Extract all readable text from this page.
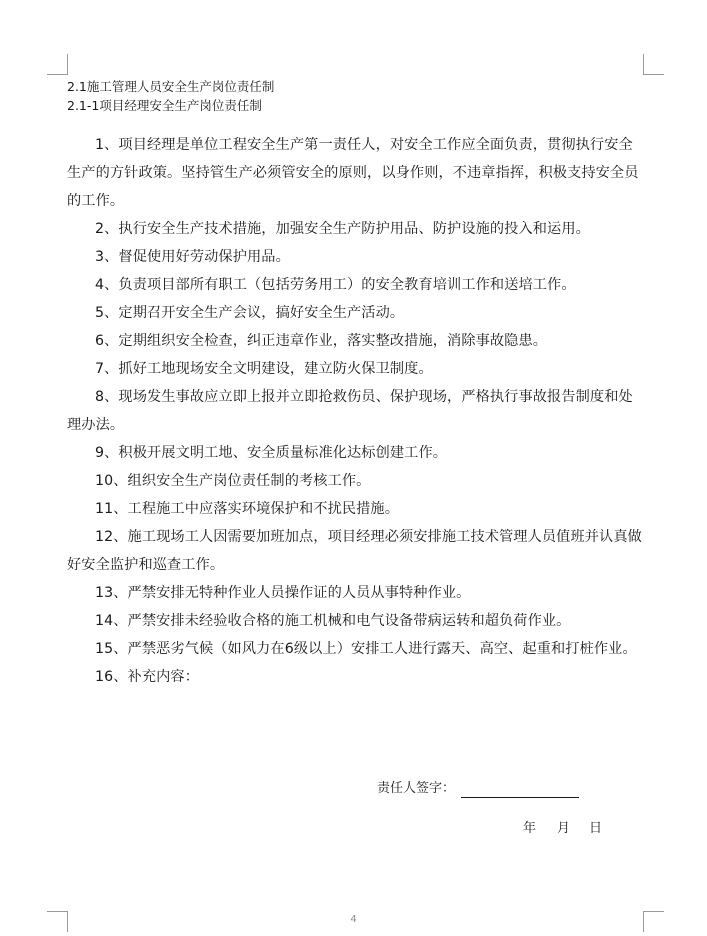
2.1施工管理人员安全生产岗位责任制
2.1-1项目经理安全生产岗位责任制
1、项目经理是单位工程安全生产第一责任人，对安全工作应全面负责，贯彻执行安全生产的方针政策。坚持管生产必须管安全的原则，以身作则，不违章指挥，积极支持安全员的工作。
2、执行安全生产技术措施，加强安全生产防护用品、防护设施的投入和运用。
3、督促使用好劳动保护用品。
4、负责项目部所有职工（包括劳务用工）的安全教育培训工作和送培工作。
5、定期召开安全生产会议，搞好安全生产活动。
6、定期组织安全检查，纠正违章作业，落实整改措施，消除事故隐患。
7、抓好工地现场安全文明建设，建立防火保卫制度。
8、现场发生事故应立即上报并立即抢救伤员、保护现场，严格执行事故报告制度和处理办法。
9、积极开展文明工地、安全质量标准化达标创建工作。
10、组织安全生产岗位责任制的考核工作。
11、工程施工中应落实环境保护和不扰民措施。
12、施工现场工人因需要加班加点，项目经理必须安排施工技术管理人员值班并认真做好安全监护和巡查工作。
13、严禁安排无特种作业人员操作证的人员从事特种作业。
14、严禁安排未经验收合格的施工机械和电气设备带病运转和超负荷作业。
15、严禁恶劣气候（如风力在6级以上）安排工人进行露天、高空、起重和打桩作业。
16、补充内容：
责任人签字：
年	月	日
4
